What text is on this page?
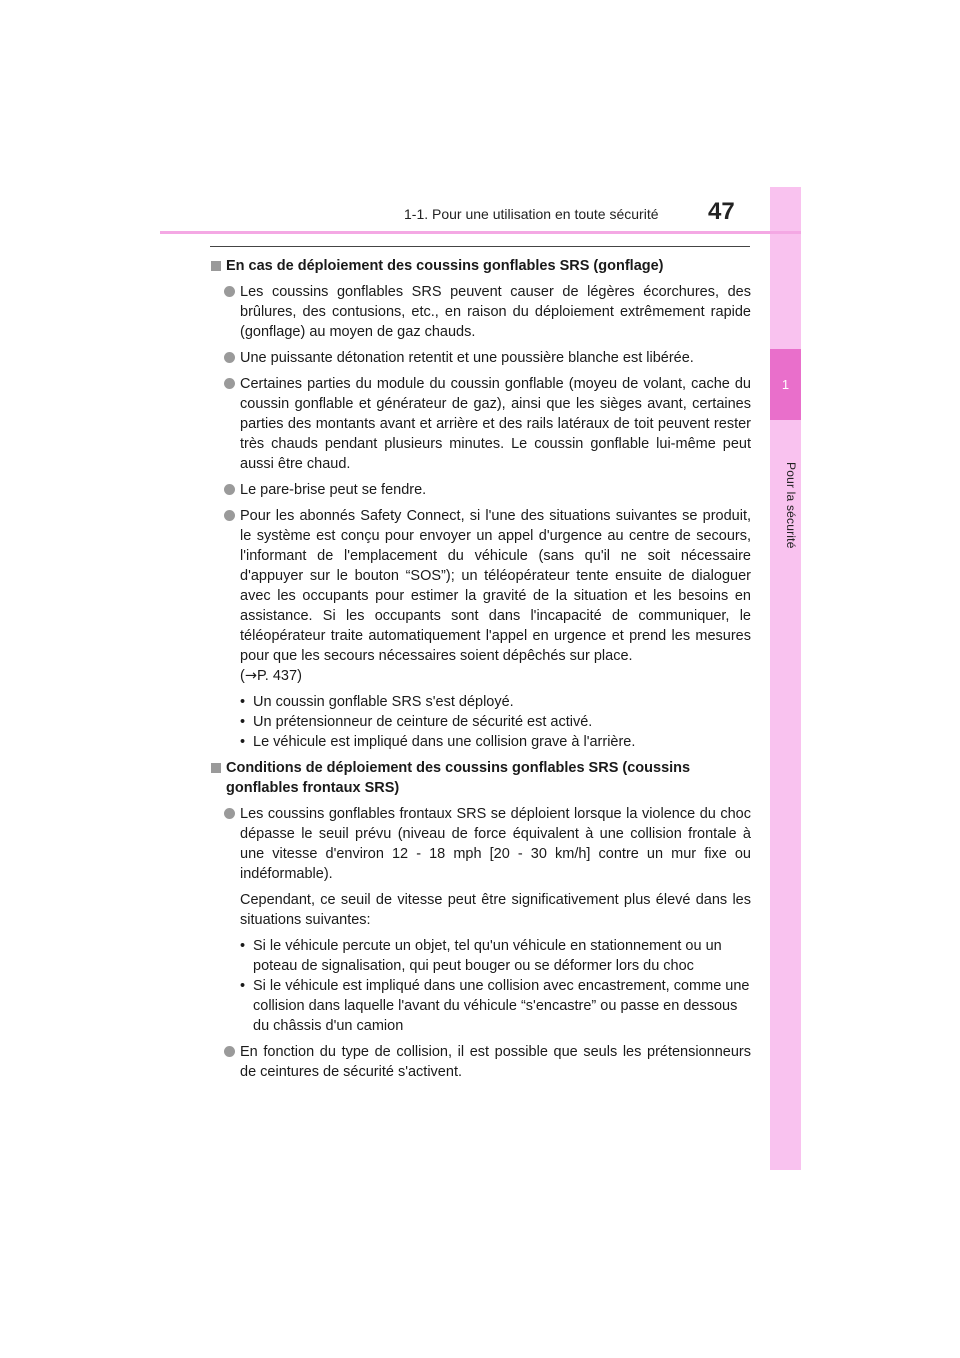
1
Pour la sécurité
1-1. Pour une utilisation en toute sécurité 47
En cas de déploiement des coussins gonflables SRS (gonflage)
Les coussins gonflables SRS peuvent causer de légères écorchures, des brûlures, des contusions, etc., en raison du déploiement extrêmement rapide (gonflage) au moyen de gaz chauds.
Une puissante détonation retentit et une poussière blanche est libérée.
Certaines parties du module du coussin gonflable (moyeu de volant, cache du coussin gonflable et générateur de gaz), ainsi que les sièges avant, certaines parties des montants avant et arrière et des rails latéraux de toit peuvent rester très chauds pendant plusieurs minutes. Le coussin gonflable lui-même peut aussi être chaud.
Le pare-brise peut se fendre.
Pour les abonnés Safety Connect, si l'une des situations suivantes se produit, le système est conçu pour envoyer un appel d'urgence au centre de secours, l'informant de l'emplacement du véhicule (sans qu'il ne soit nécessaire d'appuyer sur le bouton “SOS”); un téléopérateur tente ensuite de dialoguer avec les occupants pour estimer la gravité de la situation et les besoins en assistance. Si les occupants sont dans l'incapacité de communiquer, le téléopérateur traite automatiquement l'appel en urgence et prend les mesures pour que les secours nécessaires soient dépêchés sur place.
(→P. 437)
• Un coussin gonflable SRS s'est déployé.
• Un prétensionneur de ceinture de sécurité est activé.
• Le véhicule est impliqué dans une collision grave à l'arrière.
Conditions de déploiement des coussins gonflables SRS (coussins gonflables frontaux SRS)
Les coussins gonflables frontaux SRS se déploient lorsque la violence du choc dépasse le seuil prévu (niveau de force équivalent à une collision frontale à une vitesse d'environ 12 - 18 mph [20 - 30 km/h] contre un mur fixe ou indéformable).
Cependant, ce seuil de vitesse peut être significativement plus élevé dans les situations suivantes:
• Si le véhicule percute un objet, tel qu'un véhicule en stationnement ou un poteau de signalisation, qui peut bouger ou se déformer lors du choc
• Si le véhicule est impliqué dans une collision avec encastrement, comme une collision dans laquelle l'avant du véhicule “s'encastre” ou passe en dessous du châssis d'un camion
En fonction du type de collision, il est possible que seuls les prétensionneurs de ceintures de sécurité s'activent.
